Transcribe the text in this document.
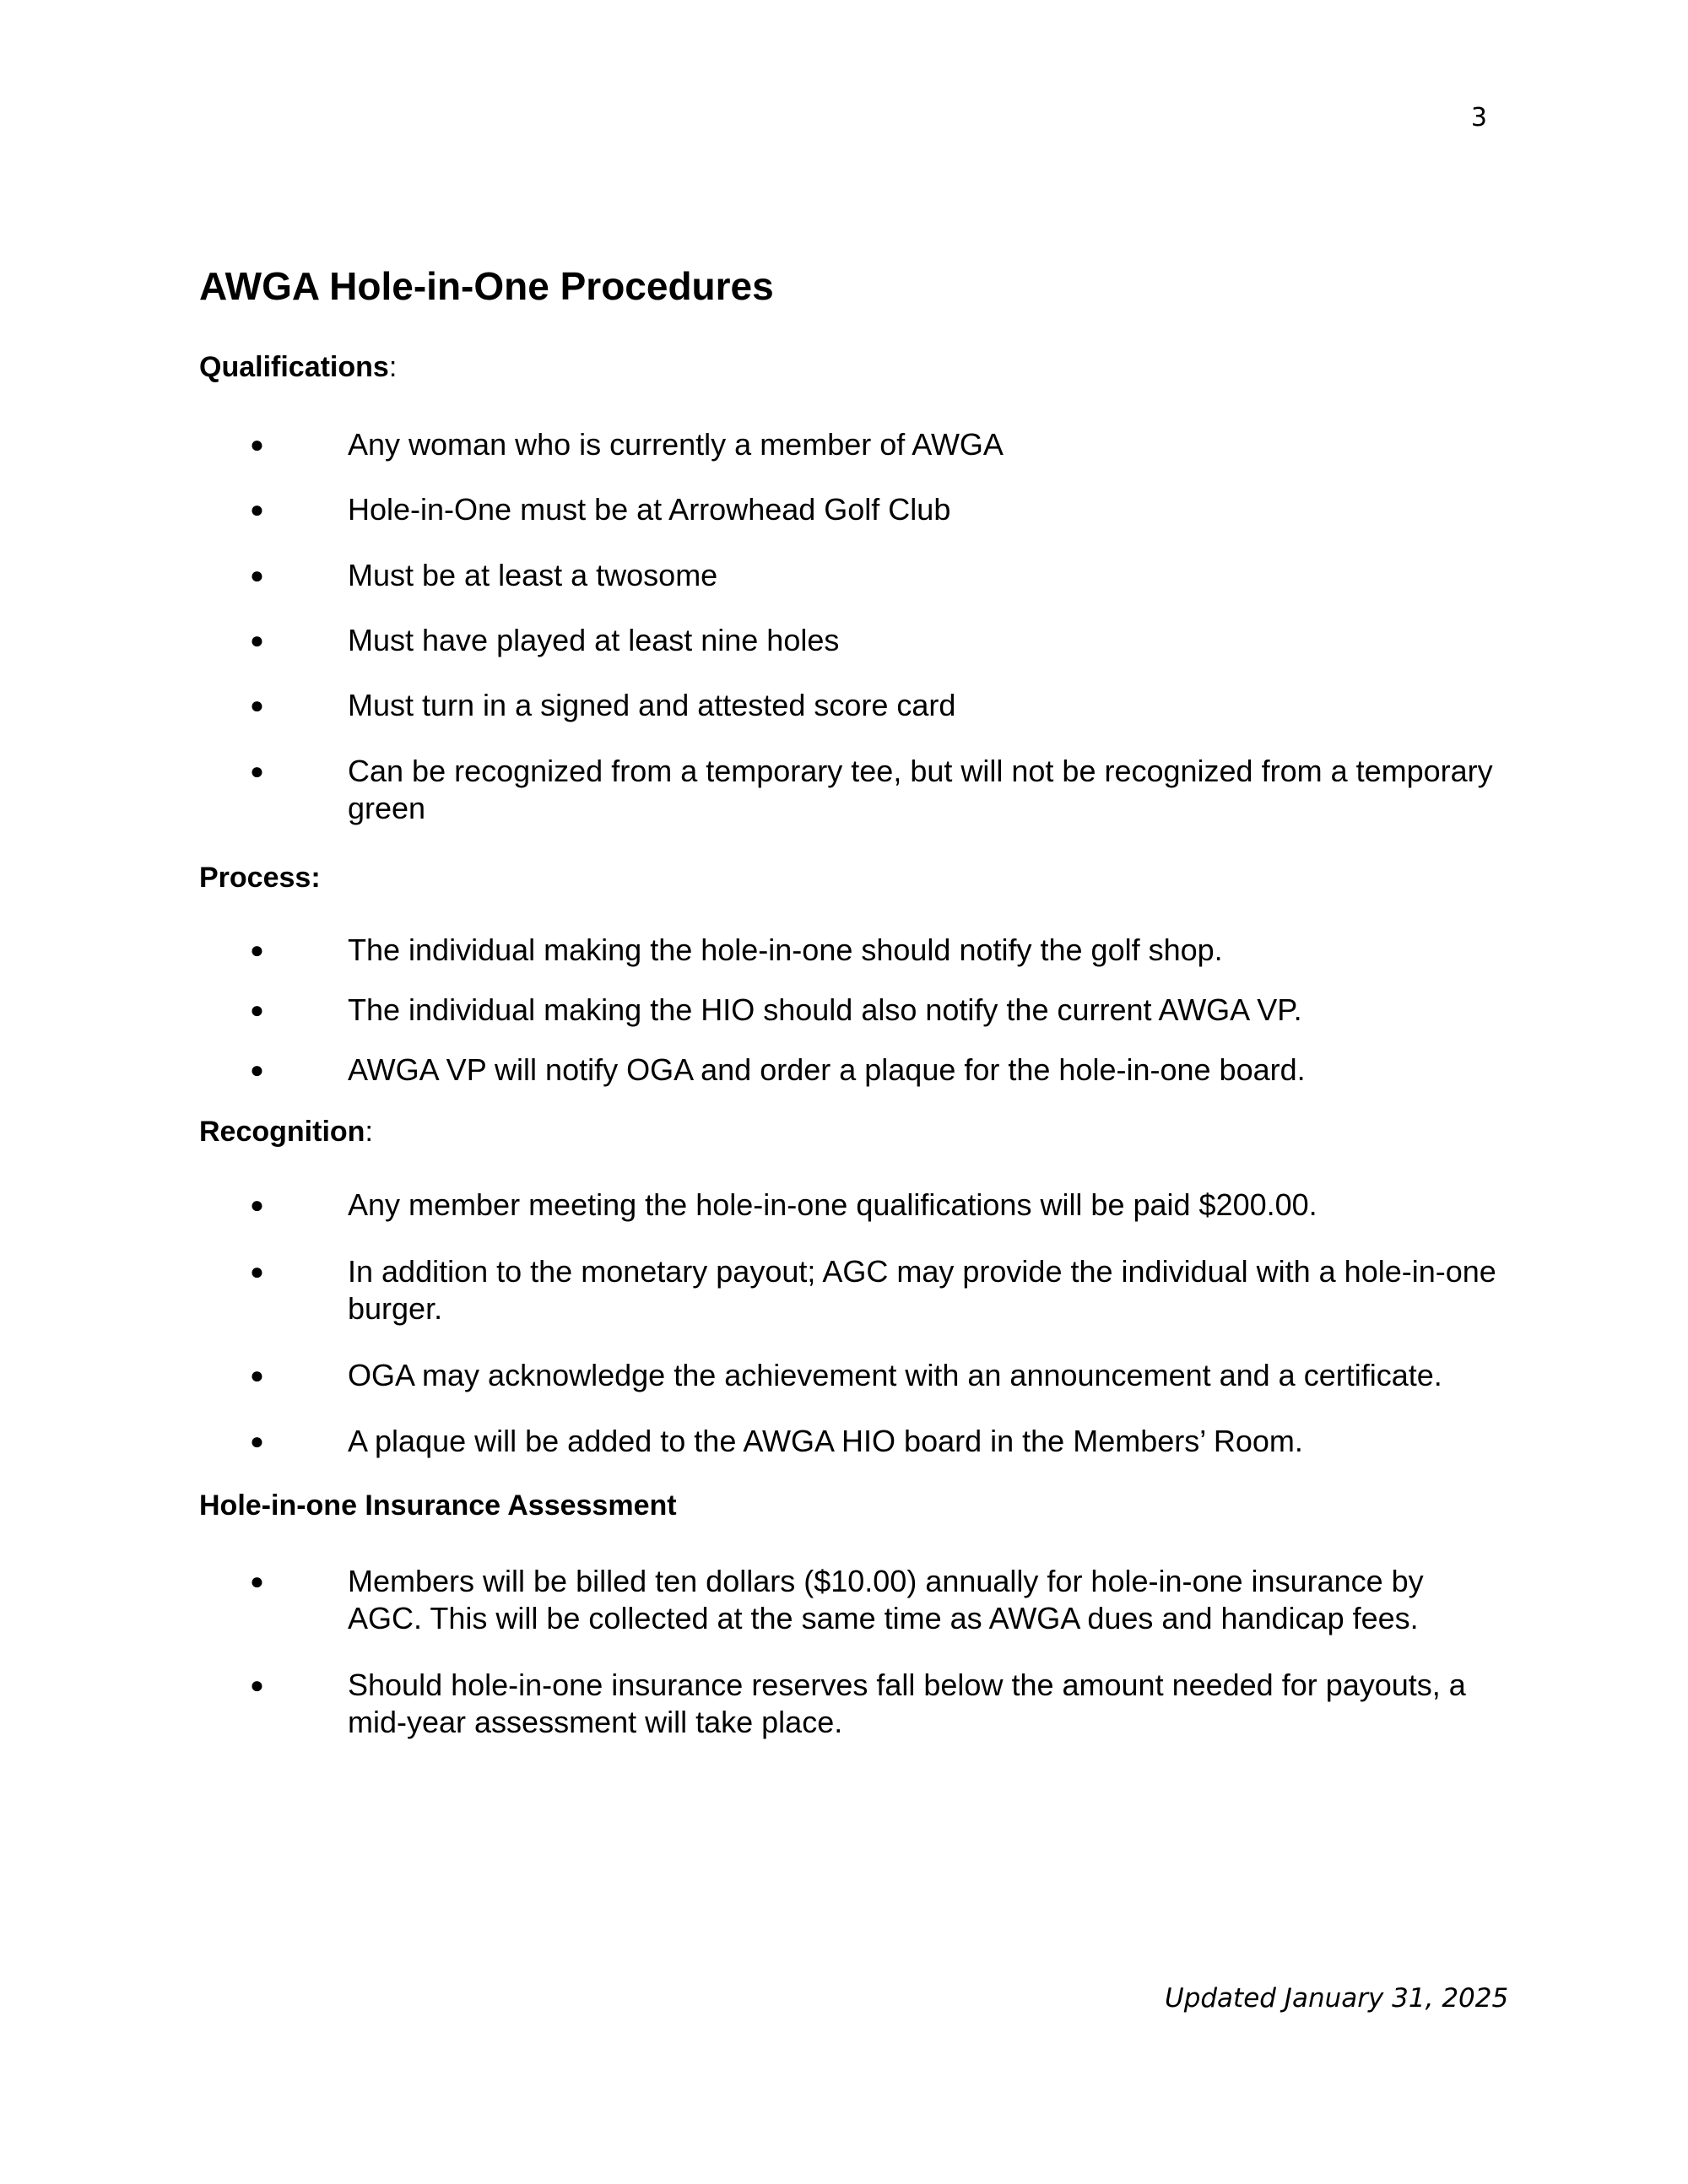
3
AWGA Hole-in-One Procedures
Qualifications:
●	Any woman who is currently a member of AWGA
●	Hole-in-One must be at Arrowhead Golf Club
●	Must be at least a twosome
●	Must have played at least nine holes
●	Must turn in a signed and attested score card
●	Can be recognized from a temporary tee, but will not be recognized from a temporary green
Process:
●	The individual making the hole-in-one should notify the golf shop.
●	The individual making the HIO should also notify the current AWGA VP.
●	AWGA VP will notify OGA and order a plaque for the hole-in-one board.
Recognition:
●	Any member meeting the hole-in-one qualifications will be paid $200.00.
●	In addition to the monetary payout; AGC may provide the individual with a hole-in-one burger.
●	OGA may acknowledge the achievement with an announcement and a certificate.
●	A plaque will be added to the AWGA HIO board in the Members’ Room.
Hole-in-one Insurance Assessment
●	Members will be billed ten dollars ($10.00) annually for hole-in-one insurance by AGC. This will be collected at the same time as AWGA dues and handicap fees.
●	Should hole-in-one insurance reserves fall below the amount needed for payouts, a mid-year assessment will take place.
Updated January 31, 2025
